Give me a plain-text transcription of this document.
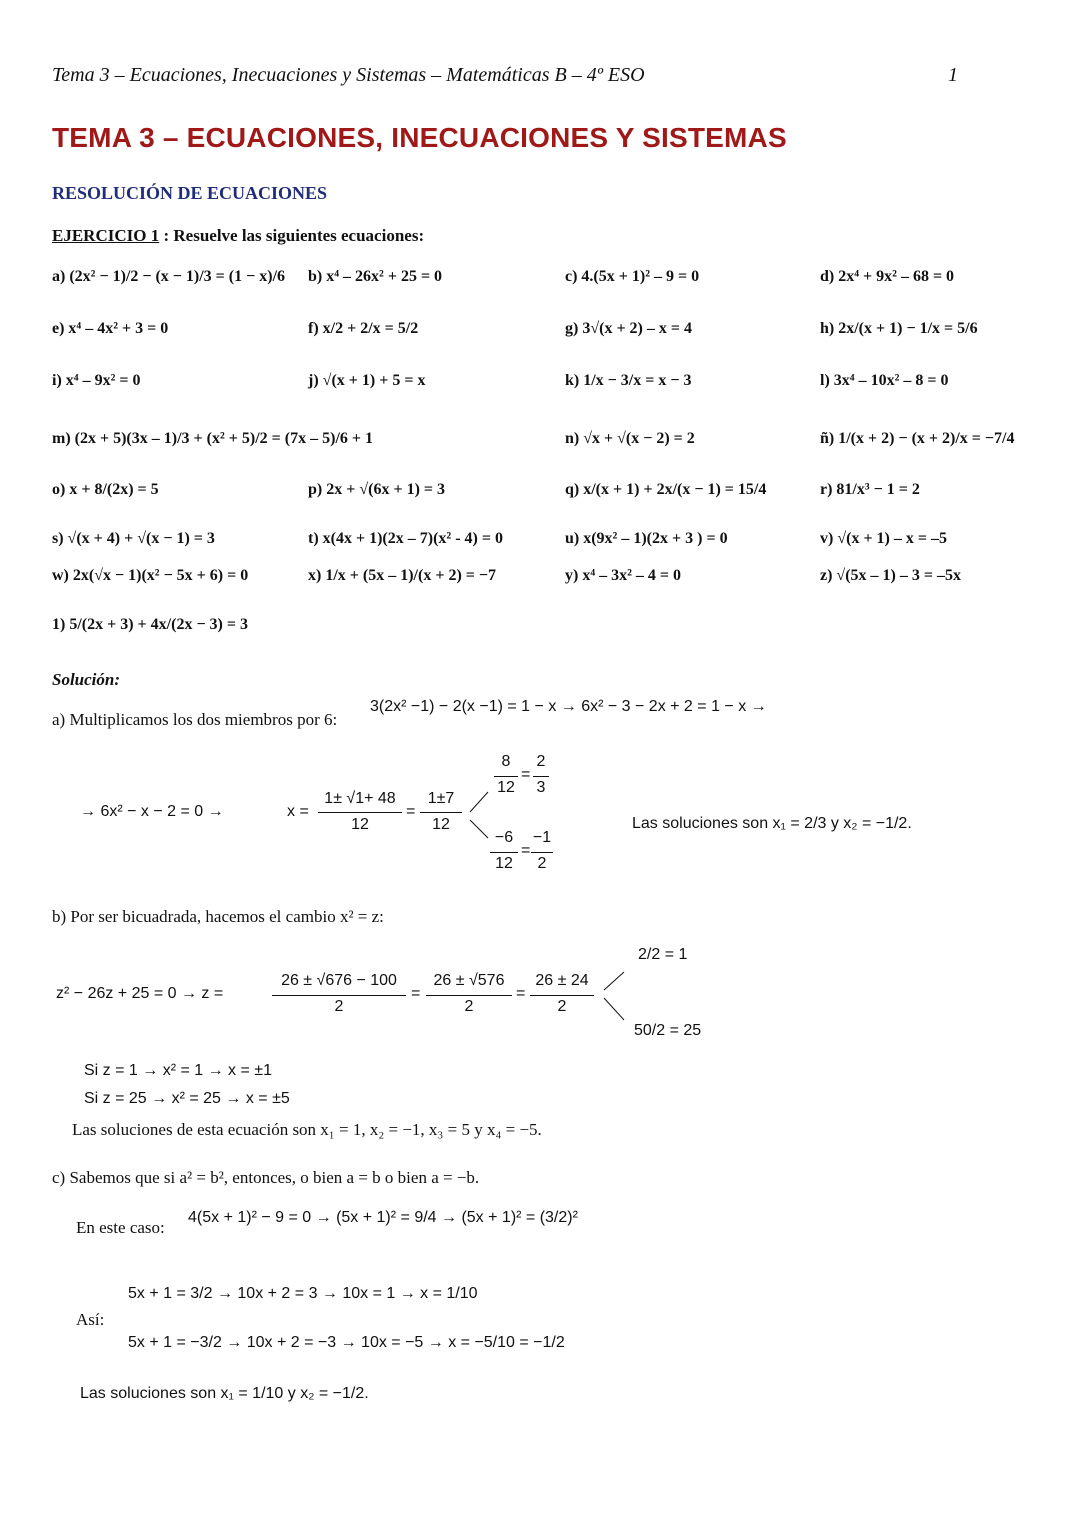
Tema 3 – Ecuaciones, Inecuaciones y Sistemas – Matemáticas B – 4º ESO	1
TEMA 3 – ECUACIONES, INECUACIONES Y SISTEMAS
RESOLUCIÓN DE ECUACIONES
EJERCICIO 1 : Resuelve las siguientes ecuaciones:
a) (2x² − 1)/2 − (x − 1)/3 = (1 − x)/6 b) x⁴ – 26x² + 25 = 0	c) 4.(5x + 1)² – 9 = 0	d) 2x⁴ + 9x² – 68 = 0
e) x⁴ – 4x² + 3 = 0	f) x/2 + 2/x = 5/2	g) 3√(x + 2) – x = 4	h) 2x/(x + 1) − 1/x = 5/6
i) x⁴ – 9x² = 0	j) √(x + 1) + 5 = x	k) 1/x − 3/x = x − 3	l) 3x⁴ – 10x² – 8 = 0
m) (2x + 5)(3x – 1)/3 + (x² + 5)/2 = (7x – 5)/6 + 1	n) √x + √(x − 2) = 2	ñ) 1/(x + 2) − (x + 2)/x = −7/4
o) x + 8/(2x) = 5	p) 2x + √(6x + 1) = 3	q) x/(x + 1) + 2x/(x − 1) = 15/4	r) 81/x³ − 1 = 2
s) √(x + 4) + √(x − 1) = 3	t) x(4x + 1)(2x – 7)(x² - 4) = 0	u) x(9x² – 1)(2x + 3 ) = 0	v) √(x + 1) – x = –5
w) 2x(√x − 1)(x² − 5x + 6) = 0	x) 1/x + (5x – 1)/(x + 2) = −7	y) x⁴ – 3x² – 4 = 0	z) √(5x – 1) – 3 = –5x
1) 5/(2x + 3) + 4x/(2x − 3) = 3
Solución:
a) Multiplicamos los dos miembros por 6:
3(2x² −1) − 2(x −1) = 1 − x → 6x² − 3 − 2x + 2 = 1 − x →
→ 6x² − x − 2 = 0 →	x =
1± √1+ 48
12
=
1±7
12
8
12
=
2
3
−6
12
=
−1
2
Las soluciones son x₁ = 2/3 y x₂ = −1/2.
b) Por ser bicuadrada, hacemos el cambio x² = z:
z² − 26z + 25 = 0 → z =
26 ± √676 − 100
2
=
26 ± √576
2
=
26 ± 24
2
2/2 = 1
50/2 = 25
Si z = 1 → x² = 1 → x = ±1
Si z = 25 → x² = 25 → x = ±5
Las soluciones de esta ecuación son x₁ = 1, x₂ = −1, x₃ = 5 y x₄ = −5.
c) Sabemos que si a² = b², entonces, o bien a = b o bien a = −b.
En este caso:
4(5x + 1)² − 9 = 0 → (5x + 1)² = 9/4 → (5x + 1)² = (3/2)²
Así:
5x + 1 = 3/2 → 10x + 2 = 3 → 10x = 1 → x = 1/10
5x + 1 = −3/2 → 10x + 2 = −3 → 10x = −5 → x = −5/10 = −1/2
Las soluciones son x₁ = 1/10 y x₂ = −1/2.
